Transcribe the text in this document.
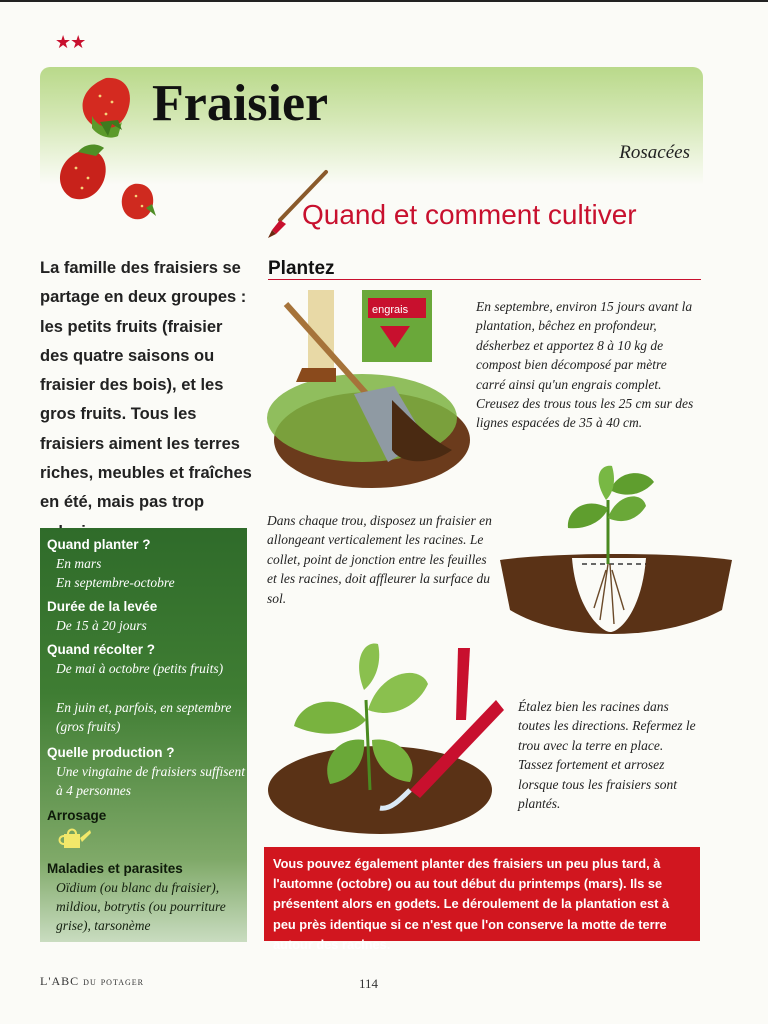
★★
Fraisier
Rosacées
Quand et comment cultiver
La famille des fraisiers se partage en deux groupes : les petits fruits (fraisier des quatre saisons ou fraisier des bois), et les gros fruits. Tous les fraisiers aiment les terres riches, meubles et fraîches en été, mais pas trop
Quand planter ?
En mars
En septembre-octobre
Durée de la levée
De 15 à 20 jours
Quand récolter ?
De mai à octobre (petits fruits)
En juin et, parfois, en septembre (gros fruits)
Quelle production ?
Une vingtaine de fraisiers suffisent à 4 personnes
Arrosage
Maladies et parasites
Oïdium (ou blanc du fraisier), mildiou, botrytis (ou pourriture grise), tarsonème
Plantez
engrais	En septembre, environ 15 jours avant la plantation, bêchez en profondeur, désherbez et apportez 8 à 10 kg de compost bien décomposé par mètre carré ainsi qu'un engrais complet. Creusez des trous tous les 25 cm sur des lignes espacées de 35 à 40 cm.
Dans chaque trou, disposez un fraisier en allongeant verticalement les racines. Le collet, point de jonction entre les feuilles et les racines, doit affleurer la surface du sol.
Étalez bien les racines dans toutes les directions. Refermez le trou avec la terre en place. Tassez fortement et arrosez lorsque tous les fraisiers sont plantés.
Vous pouvez également planter des fraisiers un peu plus tard, à l'automne (octobre) ou au tout début du printemps (mars). Ils se présentent alors en godets. Le déroulement de la plantation est à peu près identique si ce n'est que l'on conserve la motte de terre autour des racines.
L'ABC du potager	114
